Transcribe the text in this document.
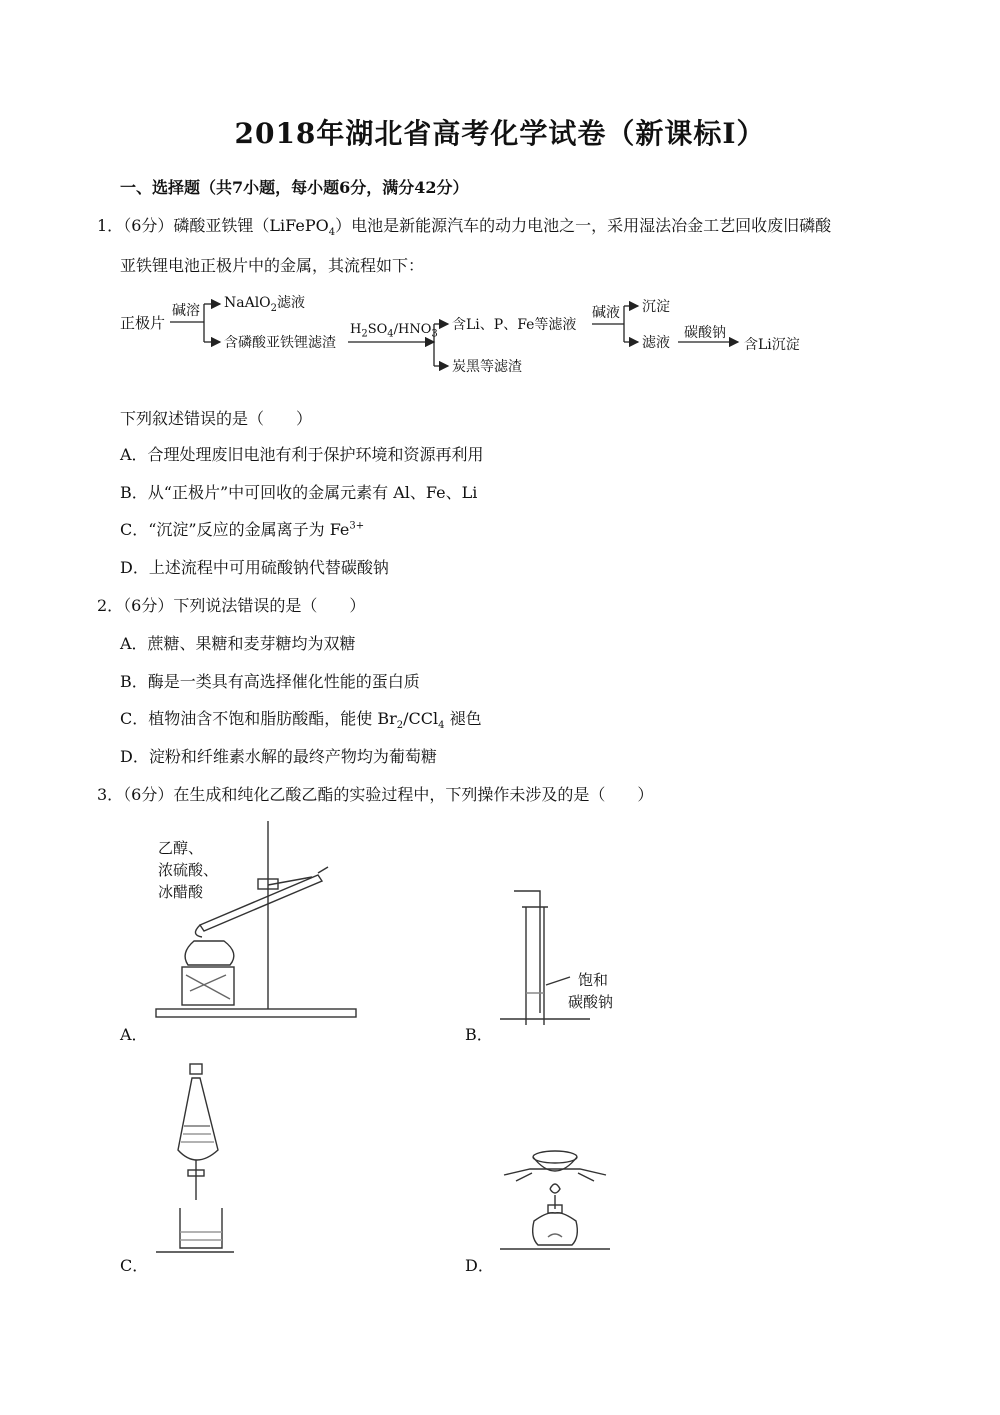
2018年湖北省高考化学试卷（新课标Ⅰ）
一、选择题（共7小题，每小题6分，满分42分）
1．（6分）磷酸亚铁锂（LiFePO$_4$）电池是新能源汽车的动力电池之一，采用湿法冶金工艺回收废旧磷酸
亚铁锂电池正极片中的金属，其流程如下：
正极片
碱溶 NaAlO$_2$滤液
含磷酸亚铁锂滤渣
$H_2SO_4/HNO_3$
含Li、P、Fe等滤液
炭黑等滤渣
碱液 沉淀
滤液
碳酸钠
含Li沉淀
下列叙述错误的是（　　）
A．合理处理废旧电池有利于保护环境和资源再利用
B．从“正极片”中可回收的金属元素有 Al、Fe、Li
C．“沉淀”反应的金属离子为 $Fe^{3+}$
D．上述流程中可用硫酸钠代替碳酸钠
2．（6分）下列说法错误的是（　　）
A．蔗糖、果糖和麦芽糖均为双糖
B．酶是一类具有高选择催化性能的蛋白质
C．植物油含不饱和脂肪酸酯，能使 $Br_2/CCl_4$ 褪色
D．淀粉和纤维素水解的最终产物均为葡萄糖
3．（6分）在生成和纯化乙酸乙酯的实验过程中，下列操作未涉及的是（　　）
乙醇、
浓硫酸、
冰醋酸
A．
饱和
碳酸钠
B．
C．	D．
